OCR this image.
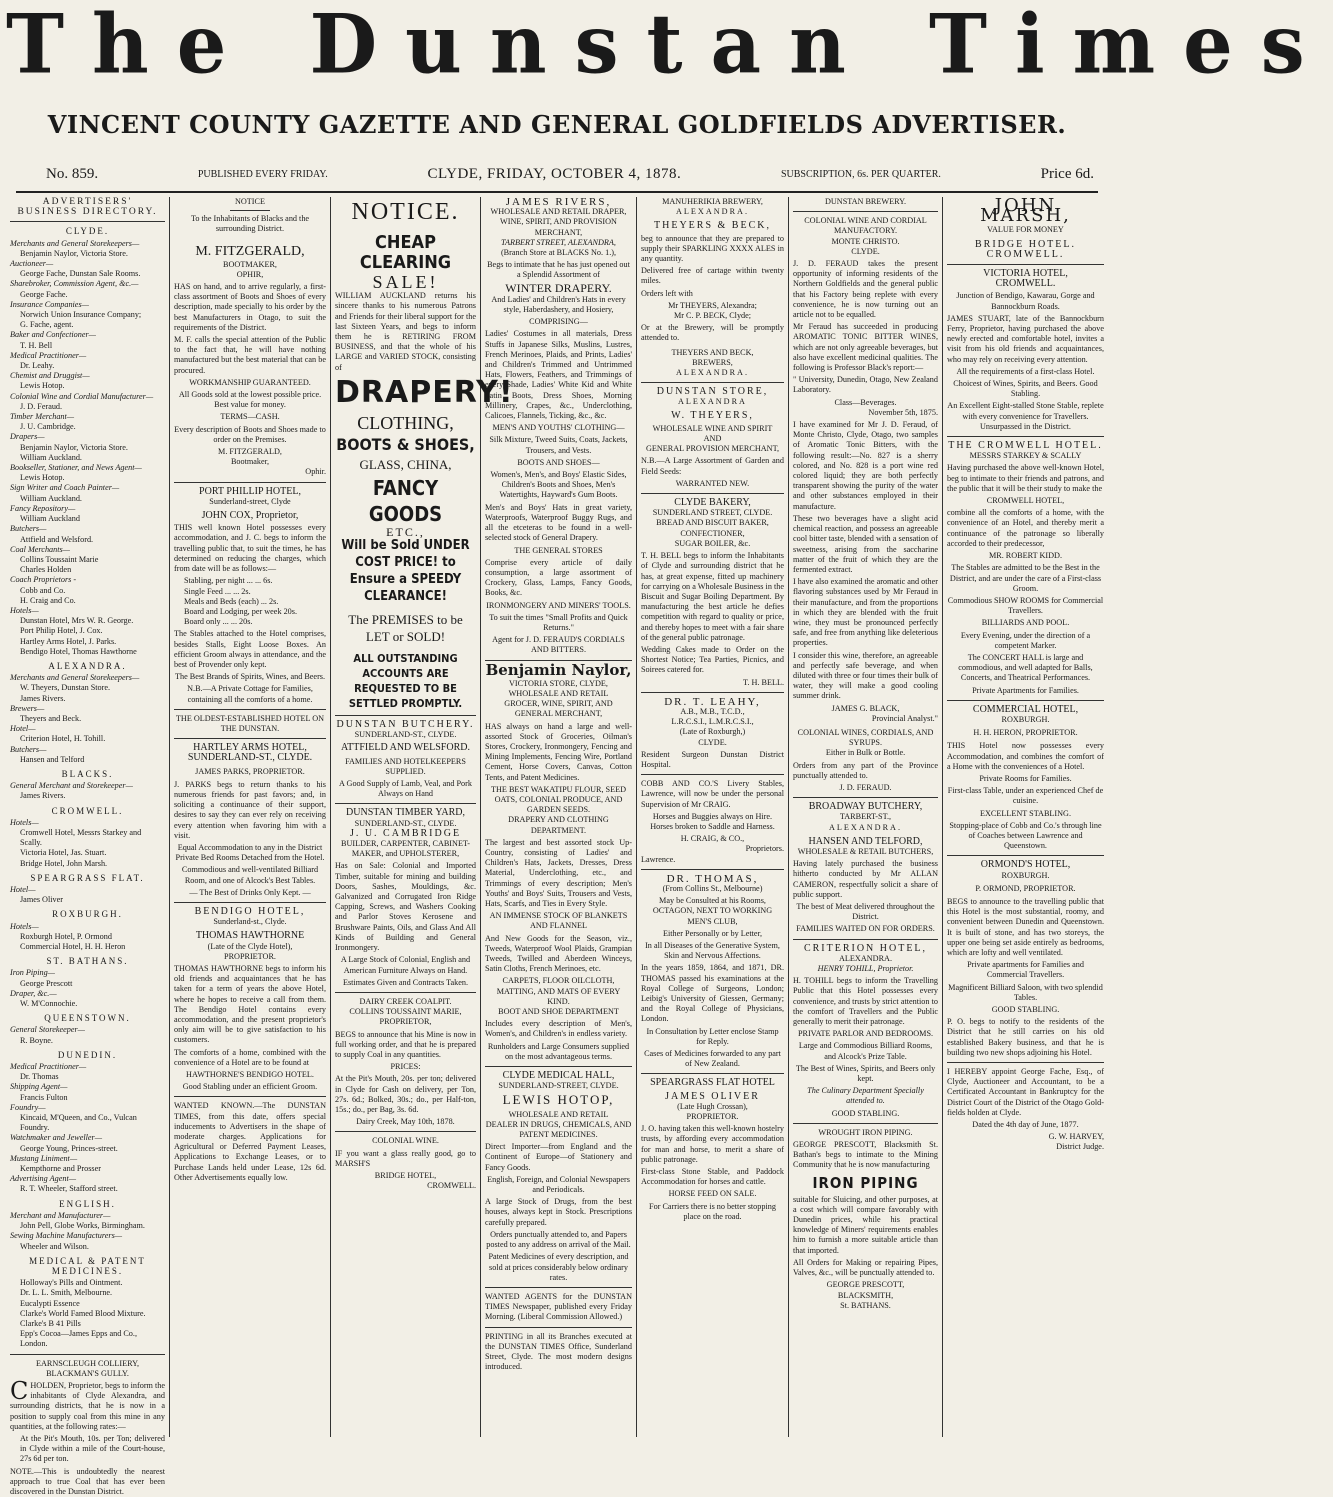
The Dunstan Times
VINCENT COUNTY GAZETTE AND GENERAL GOLDFIELDS ADVERTISER.
No. 859.	PUBLISHED EVERY FRIDAY.	CLYDE, FRIDAY, OCTOBER 4, 1878.	SUBSCRIPTION, 6s. PER QUARTER.	Price 6d.
ADVERTISERS'
BUSINESS DIRECTORY.
CLYDE.
Merchants and General Storekeepers—
Benjamin Naylor, Victoria Store.
Auctioneer—
George Fache, Dunstan Sale Rooms.
Sharebroker, Commission Agent, &c.—
George Fache.
Insurance Companies—
Norwich Union Insurance Company;
G. Fache, agent.
Baker and Confectioner—
T. H. Bell
Medical Practitioner—
Dr. Leahy.
Chemist and Druggist—
Lewis Hotop.
Colonial Wine and Cordial Manufacturer—
J. D. Feraud.
Timber Merchant—
J. U. Cambridge.
Drapers—
Benjamin Naylor, Victoria Store.
William Auckland.
Bookseller, Stationer, and News Agent—
Lewis Hotop.
Sign Writer and Coach Painter—
William Auckland.
Fancy Repository—
William Auckland
Butchers—
Attfield and Welsford.
Coal Merchants—
Collins Toussaint Marie
Charles Holden
Coach Proprietors -
Cobb and Co.
H. Craig and Co.
Hotels—
Dunstan Hotel, Mrs W. R. George.
Port Philip Hotel, J. Cox.
Hartley Arms Hotel, J. Parks.
Bendigo Hotel, Thomas Hawthorne
ALEXANDRA.
Merchants and General Storekeepers—
W. Theyers, Dunstan Store.
James Rivers.
Brewers—
Theyers and Beck.
Hotel—
Criterion Hotel, H. Tohill.
Butchers—
Hansen and Telford
BLACKS.
General Merchant and Storekeeper—
James Rivers.
CROMWELL.
Hotels—
Cromwell Hotel, Messrs Starkey and Scally.
Victoria Hotel, Jas. Stuart.
Bridge Hotel, John Marsh.
SPEARGRASS FLAT.
Hotel—
James Oliver
ROXBURGH.
Hotels—
Roxburgh Hotel, P. Ormond
Commercial Hotel, H. H. Heron
ST. BATHANS.
Iron Piping—
George Prescott
Draper, &c.—
W. M'Connochie.
QUEENSTOWN.
General Storekeeper—
R. Boyne.
DUNEDIN.
Medical Practitioner—
Dr. Thomas
Shipping Agent—
Francis Fulton
Foundry—
Kincaid, M'Queen, and Co., Vulcan Foundry.
Watchmaker and Jeweller—
George Young, Princes-street.
Mustang Liniment—
Kempthorne and Prosser
Advertising Agent—
R. T. Wheeler, Stafford street.
ENGLISH.
Merchant and Manufacturer—
John Pell, Globe Works, Birmingham.
Sewing Machine Manufacturers—
Wheeler and Wilson.
MEDICAL & PATENT MEDICINES.
Holloway's Pills and Ointment.
Dr. L. L. Smith, Melbourne.
Eucalypti Essence
Clarke's World Famed Blood Mixture.
Clarke's B 41 Pills
Epp's Cocoa—James Epps and Co., London.
EARNSCLEUGH COLLIERY,
BLACKMAN'S GULLY.

CHOLDEN, Proprietor, begs to inform the inhabitants of Clyde Alexandra, and surrounding districts, that he is now in a position to supply coal from this mine in any quantities, at the following rates:—

At the Pit's Mouth, 10s. per Ton; delivered in Clyde within a mile of the Court-house, 27s 6d per ton.

NOTE.—This is undoubtedly the nearest approach to true Coal that has ever been discovered in the Dunstan District.

NOTICE

To the Inhabitants of Blacks and the surrounding District.

M. FITZGERALD,
BOOTMAKER,
OPHIR,

HAS on hand, and to arrive regularly, a first-class assortment of Boots and Shoes of every description, made specially to his order by the best Manufacturers in Otago, to suit the requirements of the District.

M. F. calls the special attention of the Public to the fact that, he will have nothing manufactured but the best material that can be procured.

WORKMANSHIP GUARANTEED.

All Goods sold at the lowest possible price. Best value for money.

TERMS—CASH.

Every description of Boots and Shoes made to order on the Premises.

M. FITZGERALD,
Bootmaker,
Ophir.
PORT PHILLIP HOTEL,
Sunderland-street, Clyde
JOHN COX, Proprietor,

THIS well known Hotel possesses every accommodation, and J. C. begs to inform the travelling public that, to suit the times, he has determined on reducing the charges, which from date will be as follows:—

Stabling, per night ... ... 6s.
Single Feed ... ... 2s.
Meals and Beds (each) ... 2s.
Board and Lodging, per week 20s.
Board only ... ... 20s.

The Stables attached to the Hotel comprises, besides Stalls, Eight Loose Boxes. An efficient Groom always in attendance, and the best of Provender only kept.

The Best Brands of Spirits, Wines, and Beers.

N.B.—A Private Cottage for Families, containing all the comforts of a home.

THE OLDEST-ESTABLISHED HOTEL ON THE DUNSTAN.
HARTLEY ARMS HOTEL, SUNDERLAND-ST., CLYDE.
JAMES PARKS, PROPRIETOR.

J. PARKS begs to return thanks to his numerous friends for past favors; and, in soliciting a continuance of their support, desires to say they can ever rely on receiving every attention when favoring him with a visit.

Equal Accommodation to any in the District Private Bed Rooms Detached from the Hotel.

Commodious and well-ventilated Billiard Room, and one of Alcock's Best Tables.

— The Best of Drinks Only Kept. —

BENDIGO HOTEL,
Sunderland-st., Clyde.
THOMAS HAWTHORNE
(Late of the Clyde Hotel),
PROPRIETOR.

THOMAS HAWTHORNE begs to inform his old friends and acquaintances that he has taken for a term of years the above Hotel, where he hopes to receive a call from them. The Bendigo Hotel contains every accommodation, and the present proprietor's only aim will be to give satisfaction to his customers.

The comforts of a home, combined with the convenience of a Hotel are to be found at

HAWTHORNE'S BENDIGO HOTEL.

Good Stabling under an efficient Groom.

WANTED KNOWN.—The DUNSTAN TIMES, from this date, offers special inducements to Advertisers in the shape of moderate charges. Applications for Agricultural or Deferred Payment Leases, Applications to Exchange Leases, or to Purchase Lands held under Lease, 12s 6d. Other Advertisements equally low.

NOTICE.
CHEAP CLEARING
SALE!

WILLIAM AUCKLAND returns his sincere thanks to his numerous Patrons and Friends for their liberal support for the last Sixteen Years, and begs to inform them he is RETIRING FROM BUSINESS, and that the whole of his LARGE and VARIED STOCK, consisting of

DRAPERY!
CLOTHING,
BOOTS & SHOES,
GLASS, CHINA,
FANCY GOODS
ETC.,
Will be Sold UNDER COST PRICE! to Ensure a SPEEDY CLEARANCE!
The PREMISES to be LET or SOLD!
ALL OUTSTANDING ACCOUNTS ARE REQUESTED TO BE SETTLED PROMPTLY.
DUNSTAN BUTCHERY.
SUNDERLAND-ST., CLYDE.
ATTFIELD AND WELSFORD.
FAMILIES AND HOTELKEEPERS SUPPLIED.

A Good Supply of Lamb, Veal, and Pork Always on Hand

DUNSTAN TIMBER YARD,
SUNDERLAND-ST., CLYDE.
J. U. CAMBRIDGE
BUILDER, CARPENTER, CABINET-MAKER, and UPHOLSTERER,

Has on Sale: Colonial and Imported Timber, suitable for mining and building Doors, Sashes, Mouldings, &c. Galvanized and Corrugated Iron Ridge Capping, Screws, and Washers Cooking and Parlor Stoves Kerosene and Brushware Paints, Oils, and Glass And All Kinds of Building and General Ironmongery.

A Large Stock of Colonial, English and American Furniture Always on Hand.

Estimates Given and Contracts Taken.

DAIRY CREEK COALPIT.
COLLINS TOUSSAINT MARIE,
PROPRIETOR,

BEGS to announce that his Mine is now in full working order, and that he is prepared to supply Coal in any quantities.

PRICES:

At the Pit's Mouth, 20s. per ton; delivered in Clyde for Cash on delivery, per Ton, 27s. 6d.; Bolked, 30s.; do., per Half-ton, 15s.; do., per Bag, 3s. 6d.

Dairy Creek, May 10th, 1878.

COLONIAL WINE.

IF you want a glass really good, go to MARSH'S

BRIDGE HOTEL,
CROMWELL.
JAMES RIVERS,
WHOLESALE AND RETAIL DRAPER, WINE, SPIRIT, AND PROVISION MERCHANT,
TARBERT STREET, ALEXANDRA,
(Branch Store at BLACKS No. 1.),

Begs to intimate that he has just opened out a Splendid Assortment of

WINTER DRAPERY.

And Ladies' and Children's Hats in every style, Haberdashery, and Hosiery,

COMPRISING—

Ladies' Costumes in all materials, Dress Stuffs in Japanese Silks, Muslins, Lustres, French Merinoes, Plaids, and Prints, Ladies' and Children's Trimmed and Untrimmed Hats, Flowers, Feathers, and Trimmings of every Shade, Ladies' White Kid and White Satin Boots, Dress Shoes, Morning Millinery, Crapes, &c., Underclothing, Calicoes, Flannels, Ticking, &c., &c.

MEN'S AND YOUTHS' CLOTHING—

Silk Mixture, Tweed Suits, Coats, Jackets, Trousers, and Vests.

BOOTS AND SHOES—

Women's, Men's, and Boys' Elastic Sides, Children's Boots and Shoes, Men's Watertights, Hayward's Gum Boots.

Men's and Boys' Hats in great variety, Waterproofs, Waterproof Buggy Rugs, and all the etceteras to be found in a well-selected stock of General Drapery.

THE GENERAL STORES

Comprise every article of daily consumption, a large assortment of Crockery, Glass, Lamps, Fancy Goods, Books, &c.

IRONMONGERY AND MINERS' TOOLS.

To suit the times "Small Profits and Quick Returns."

Agent for J. D. FERAUD'S CORDIALS AND BITTERS.

Benjamin Naylor,
VICTORIA STORE, CLYDE,
WHOLESALE AND RETAIL
GROCER, WINE, SPIRIT, AND GENERAL MERCHANT,

HAS always on hand a large and well-assorted Stock of Groceries, Oilman's Stores, Crockery, Ironmongery, Fencing and Mining Implements, Fencing Wire, Portland Cement, Horse Covers, Canvas, Cotton Tents, and Patent Medicines.

THE BEST WAKATIPU FLOUR, SEED OATS, COLONIAL PRODUCE, AND GARDEN SEEDS.
DRAPERY AND CLOTHING DEPARTMENT.

The largest and best assorted stock Up-Country, consisting of Ladies' and Children's Hats, Jackets, Dresses, Dress Material, Underclothing, etc., and Trimmings of every description; Men's Youths' and Boys' Suits, Trousers and Vests, Hats, Scarfs, and Ties in Every Style.

AN IMMENSE STOCK OF BLANKETS AND FLANNEL

And New Goods for the Season, viz., Tweeds, Waterproof Wool Plaids, Grampian Tweeds, Twilled and Aberdeen Winceys, Satin Cloths, French Merinoes, etc.

CARPETS, FLOOR OILCLOTH, MATTING, AND MATS OF EVERY KIND.
BOOT AND SHOE DEPARTMENT

Includes every description of Men's, Women's, and Children's in endless variety.

Runholders and Large Consumers supplied on the most advantageous terms.

CLYDE MEDICAL HALL,
SUNDERLAND-STREET, CLYDE.
LEWIS HOTOP,
WHOLESALE AND RETAIL
DEALER IN DRUGS, CHEMICALS, AND PATENT MEDICINES.

Direct Importer—from England and the Continent of Europe—of Stationery and Fancy Goods.

English, Foreign, and Colonial Newspapers and Periodicals.

A large Stock of Drugs, from the best houses, always kept in Stock. Prescriptions carefully prepared.

Orders punctually attended to, and Papers posted to any address on arrival of the Mail.

Patent Medicines of every description, and sold at prices considerably below ordinary rates.

WANTED AGENTS for the DUNSTAN TIMES Newspaper, published every Friday Morning. (Liberal Commission Allowed.)

PRINTING in all its Branches executed at the DUNSTAN TIMES Office, Sunderland Street, Clyde. The most modern designs introduced.

MANUHERIKIA BREWERY,
ALEXANDRA.
THEYERS & BECK,

beg to announce that they are prepared to supply their SPARKLING XXXX ALES in any quantity.

Delivered free of cartage within twenty miles.

Orders left with

Mr THEYERS, Alexandra;
Mr C. P. BECK, Clyde;

Or at the Brewery, will be promptly attended to.

THEYERS AND BECK,
BREWERS,
ALEXANDRA.
DUNSTAN STORE,
ALEXANDRA
W. THEYERS,
WHOLESALE WINE AND SPIRIT
AND
GENERAL PROVISION MERCHANT,

N.B.—A Large Assortment of Garden and Field Seeds:

WARRANTED NEW.
CLYDE BAKERY,
SUNDERLAND STREET, CLYDE.
BREAD AND BISCUIT BAKER, CONFECTIONER,
SUGAR BOILER, &c.

T. H. BELL begs to inform the Inhabitants of Clyde and surrounding district that he has, at great expense, fitted up machinery for carrying on a Wholesale Business in the Biscuit and Sugar Boiling Department. By manufacturing the best article he defies competition with regard to quality or price, and thereby hopes to meet with a fair share of the general public patronage.

Wedding Cakes made to Order on the Shortest Notice; Tea Parties, Picnics, and Soirees catered for.

T. H. BELL.
DR. T. LEAHY,
A.B., M.B., T.C.D.,
L.R.C.S.I., L.M.R.C.S.I.,
(Late of Roxburgh,)
CLYDE.

Resident Surgeon Dunstan District Hospital.

COBB AND CO.'S Livery Stables, Lawrence, will now be under the personal Supervision of Mr CRAIG.

Horses and Buggies always on Hire. Horses broken to Saddle and Harness.

H. CRAIG, & CO.,
Proprietors.
Lawrence.
DR. THOMAS,
(From Collins St., Melbourne)

May be Consulted at his Rooms, OCTAGON, NEXT TO WORKING MEN'S CLUB,

Either Personally or by Letter,

In all Diseases of the Generative System, Skin and Nervous Affections.

In the years 1859, 1864, and 1871, DR. THOMAS passed his examinations at the Royal College of Surgeons, London; Leibig's University of Giessen, Germany; and the Royal College of Physicians, London.

In Consultation by Letter enclose Stamp for Reply.

Cases of Medicines forwarded to any part of New Zealand.

SPEARGRASS FLAT HOTEL
JAMES OLIVER
(Late Hugh Crossan),
PROPRIETOR.

J. O. having taken this well-known hostelry trusts, by affording every accommodation for man and horse, to merit a share of public patronage.

First-class Stone Stable, and Paddock Accommodation for horses and cattle.

HORSE FEED ON SALE.

For Carriers there is no better stopping place on the road.

DUNSTAN BREWERY.
COLONIAL WINE AND CORDIAL MANUFACTORY.
MONTE CHRISTO.
CLYDE.

J. D. FERAUD takes the present opportunity of informing residents of the Northern Goldfields and the general public that his Factory being replete with every convenience, he is now turning out an article not to be equalled.

Mr Feraud has succeeded in producing AROMATIC TONIC BITTER WINES, which are not only agreeable beverages, but also have excellent medicinal qualities. The following is Professor Black's report:—

" University, Dunedin, Otago, New Zealand Laboratory.

Class—Beverages.
November 5th, 1875.

I have examined for Mr J. D. Feraud, of Monte Christo, Clyde, Otago, two samples of Aromatic Tonic Bitters, with the following result:—No. 827 is a sherry colored, and No. 828 is a port wine red colored liquid; they are both perfectly transparent showing the purity of the water and other substances employed in their manufacture.

These two beverages have a slight acid chemical reaction, and possess an agreeable cool bitter taste, blended with a sensation of sweetness, arising from the saccharine matter of the fruit of which they are the fermented extract.

I have also examined the aromatic and other flavoring substances used by Mr Feraud in their manufacture, and from the proportions in which they are blended with the fruit wine, they must be pronounced perfectly safe, and free from anything like deleterious properties.

I consider this wine, therefore, an agreeable and perfectly safe beverage, and when diluted with three or four times their bulk of water, they will make a good cooling summer drink.

JAMES G. BLACK,
Provincial Analyst."
COLONIAL WINES, CORDIALS, AND SYRUPS.
Either in Bulk or Bottle.

Orders from any part of the Province punctually attended to.

J. D. FERAUD.
BROADWAY BUTCHERY,
TARBERT-ST.,
ALEXANDRA.
HANSEN AND TELFORD,
WHOLESALE & RETAIL BUTCHERS,

Having lately purchased the business hitherto conducted by Mr ALLAN CAMERON, respectfully solicit a share of public support.

The best of Meat delivered throughout the District.

FAMILIES WAITED ON FOR ORDERS.
CRITERION HOTEL,
ALEXANDRA.
HENRY TOHILL, Proprietor.

H. TOHILL begs to inform the Travelling Public that this Hotel possesses every convenience, and trusts by strict attention to the comfort of Travellers and the Public generally to merit their patronage.

PRIVATE PARLOR AND BEDROOMS.

Large and Commodious Billiard Rooms, and Alcock's Prize Table.

The Best of Wines, Spirits, and Beers only kept.

The Culinary Department Specially attended to.

GOOD STABLING.
WROUGHT IRON PIPING.

GEORGE PRESCOTT, Blacksmith St. Bathan's begs to intimate to the Mining Community that he is now manufacturing

IRON PIPING

suitable for Sluicing, and other purposes, at a cost which will compare favorably with Dunedin prices, while his practical knowledge of Miners' requirements enables him to furnish a more suitable article than that imported.

All Orders for Making or repairing Pipes, Valves, &c., will be punctually attended to.

GEORGE PRESCOTT,
BLACKSMITH,
St. BATHANS.
JOHN MARSH,
VALUE FOR MONEY
BRIDGE HOTEL.
CROMWELL.
VICTORIA HOTEL,
CROMWELL.

Junction of Bendigo, Kawarau, Gorge and Bannockburn Roads.

JAMES STUART, late of the Bannockburn Ferry, Proprietor, having purchased the above newly erected and comfortable hotel, invites a visit from his old friends and acquaintances, who may rely on receiving every attention.

All the requirements of a first-class Hotel.

Choicest of Wines, Spirits, and Beers. Good Stabling.

An Excellent Eight-stalled Stone Stable, replete with every convenience for Travellers. Unsurpassed in the District.

THE CROMWELL HOTEL.
MESSRS STARKEY & SCALLY

Having purchased the above well-known Hotel, beg to intimate to their friends and patrons, and the public that it will be their study to make the

CROMWELL HOTEL,

combine all the comforts of a home, with the convenience of an Hotel, and thereby merit a continuance of the patronage so liberally accorded to their predecessor,

MR. ROBERT KIDD.

The Stables are admitted to be the Best in the District, and are under the care of a First-class Groom.

Commodious SHOW ROOMS for Commercial Travellers.

BILLIARDS AND POOL.

Every Evening, under the direction of a competent Marker.

The CONCERT HALL is large and commodious, and well adapted for Balls, Concerts, and Theatrical Performances.

Private Apartments for Families.

COMMERCIAL HOTEL,
ROXBURGH.
H. H. HERON, PROPRIETOR.

THIS Hotel now possesses every Accommodation, and combines the comfort of a Home with the conveniences of a Hotel.

Private Rooms for Families.

First-class Table, under an experienced Chef de cuisine.

EXCELLENT STABLING.

Stopping-place of Cobb and Co.'s through line of Coaches between Lawrence and Queenstown.

ORMOND'S HOTEL,
ROXBURGH.
P. ORMOND, PROPRIETOR.

BEGS to announce to the travelling public that this Hotel is the most substantial, roomy, and convenient between Dunedin and Queenstown. It is built of stone, and has two storeys, the upper one being set aside entirely as bedrooms, which are lofty and well ventilated.

Private apartments for Families and Commercial Travellers.

Magnificent Billiard Saloon, with two splendid Tables.

GOOD STABLING.

P. O. begs to notify to the residents of the District that he still carries on his old established Bakery business, and that he is building two new shops adjoining his Hotel.

I HEREBY appoint George Fache, Esq., of Clyde, Auctioneer and Accountant, to be a Certificated Accountant in Bankruptcy for the District Court of the District of the Otago Gold-fields holden at Clyde.

Dated the 4th day of June, 1877.

G. W. HARVEY,
District Judge.
